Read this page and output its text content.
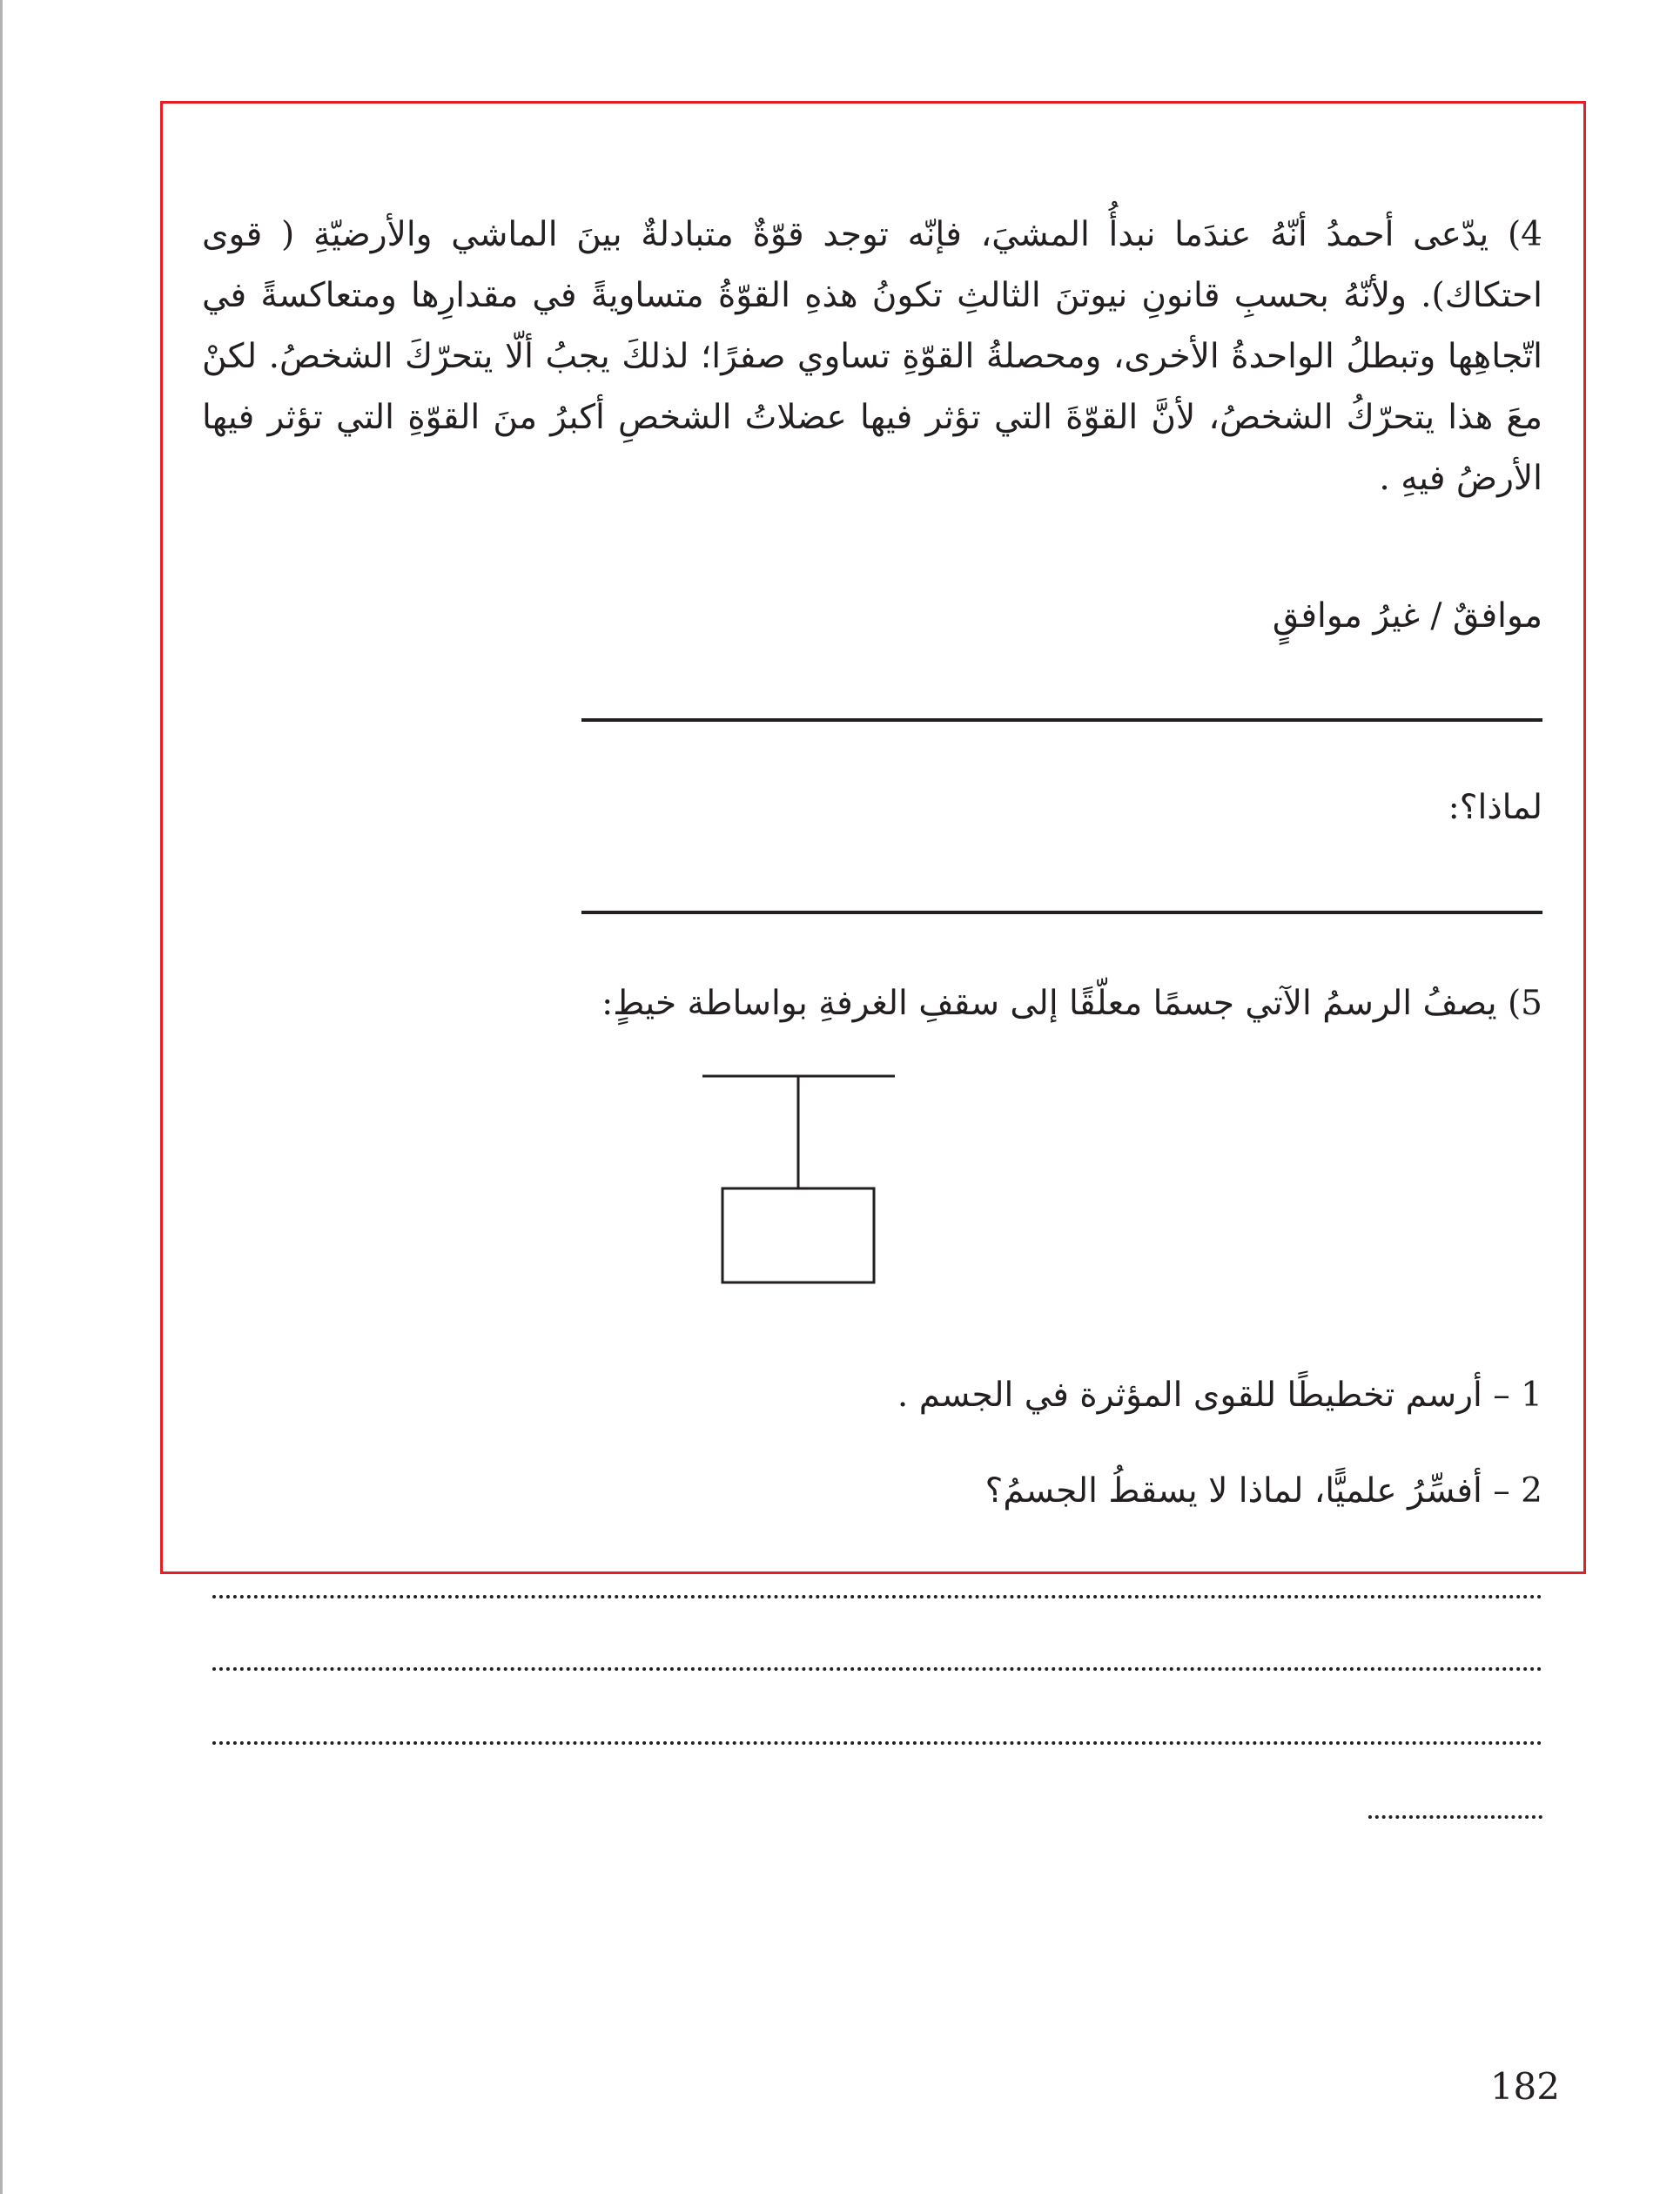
4) يدّعى أحمدُ أنّهُ عندَما نبدأُ المشيَ، فإنّه توجد قوّةٌ متبادلةٌ بينَ الماشي والأرضيّةِ ( قوى احتكاك). ولأنّهُ بحسبِ قانونِ نيوتنَ الثالثِ تكونُ هذهِ القوّةُ متساويةً في مقدارِها ومتعاكسةً في اتّجاهِها وتبطلُ الواحدةُ الأخرى، ومحصلةُ القوّةِ تساوي صفرًا؛ لذلكَ يجبُ ألّا يتحرّكَ الشخصُ. لكنْ معَ هذا يتحرّكُ الشخصُ، لأنَّ القوّةَ التي تؤثر فيها عضلاتُ الشخصِ أكبرُ منَ القوّةِ التي تؤثر فيها الأرضُ فيهِ .
موافقٌ / غيرُ موافقٍ
لماذا؟:
5) يصفُ الرسمُ الآتي جسمًا معلّقًا إلى سقفِ الغرفةِ بواساطة خيطٍ:
1 – أرسم تخطيطًا للقوى المؤثرة في الجسم .
2 – أفسِّرُ علميًّا، لماذا لا يسقطُ الجسمُ؟
182
